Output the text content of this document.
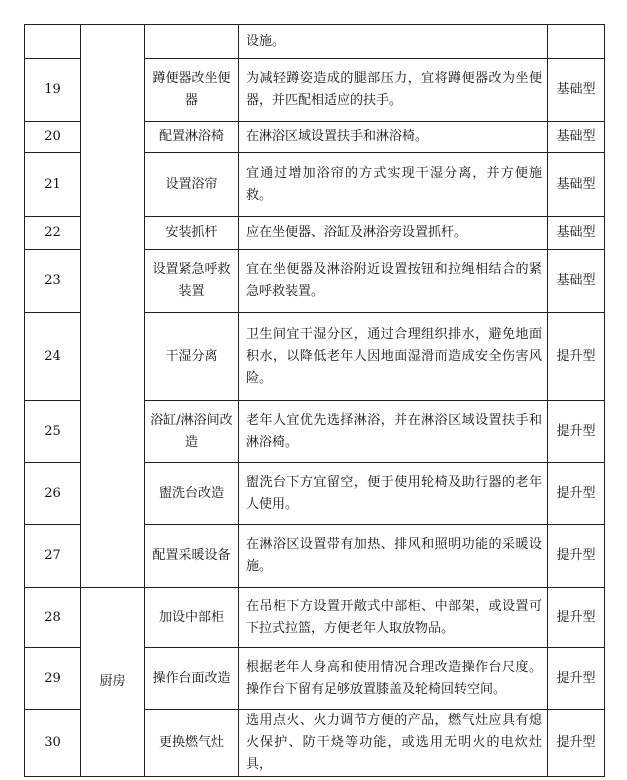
			设施。	
19		蹲便器改坐便器	为减轻蹲姿造成的腿部压力，宜将蹲便器改为坐便器，并匹配相适应的扶手。	基础型
20		配置淋浴椅	在淋浴区域设置扶手和淋浴椅。	基础型
21		设置浴帘	宜通过增加浴帘的方式实现干湿分离，并方便施救。	基础型
22		安装抓杆	应在坐便器、浴缸及淋浴旁设置抓杆。	基础型
23		设置紧急呼救装置	宜在坐便器及淋浴附近设置按钮和拉绳相结合的紧急呼救装置。	基础型
24		干湿分离	卫生间宜干湿分区，通过合理组织排水，避免地面积水，以降低老年人因地面湿滑而造成安全伤害风险。	提升型
25		浴缸/淋浴间改造	老年人宜优先选择淋浴，并在淋浴区域设置扶手和淋浴椅。	提升型
26		盥洗台改造	盥洗台下方宜留空，便于使用轮椅及助行器的老年人使用。	提升型
27		配置采暖设备	在淋浴区设置带有加热、排风和照明功能的采暖设施。	提升型
28	厨房	加设中部柜	在吊柜下方设置开敞式中部柜、中部架，或设置可下拉式拉篮，方便老年人取放物品。	提升型
29		操作台面改造	根据老年人身高和使用情况合理改造操作台尺度。操作台下留有足够放置膝盖及轮椅回转空间。	提升型
30		更换燃气灶	选用点火、火力调节方便的产品，燃气灶应具有熄火保护、防干烧等功能，或选用无明火的电炊灶具，	提升型
